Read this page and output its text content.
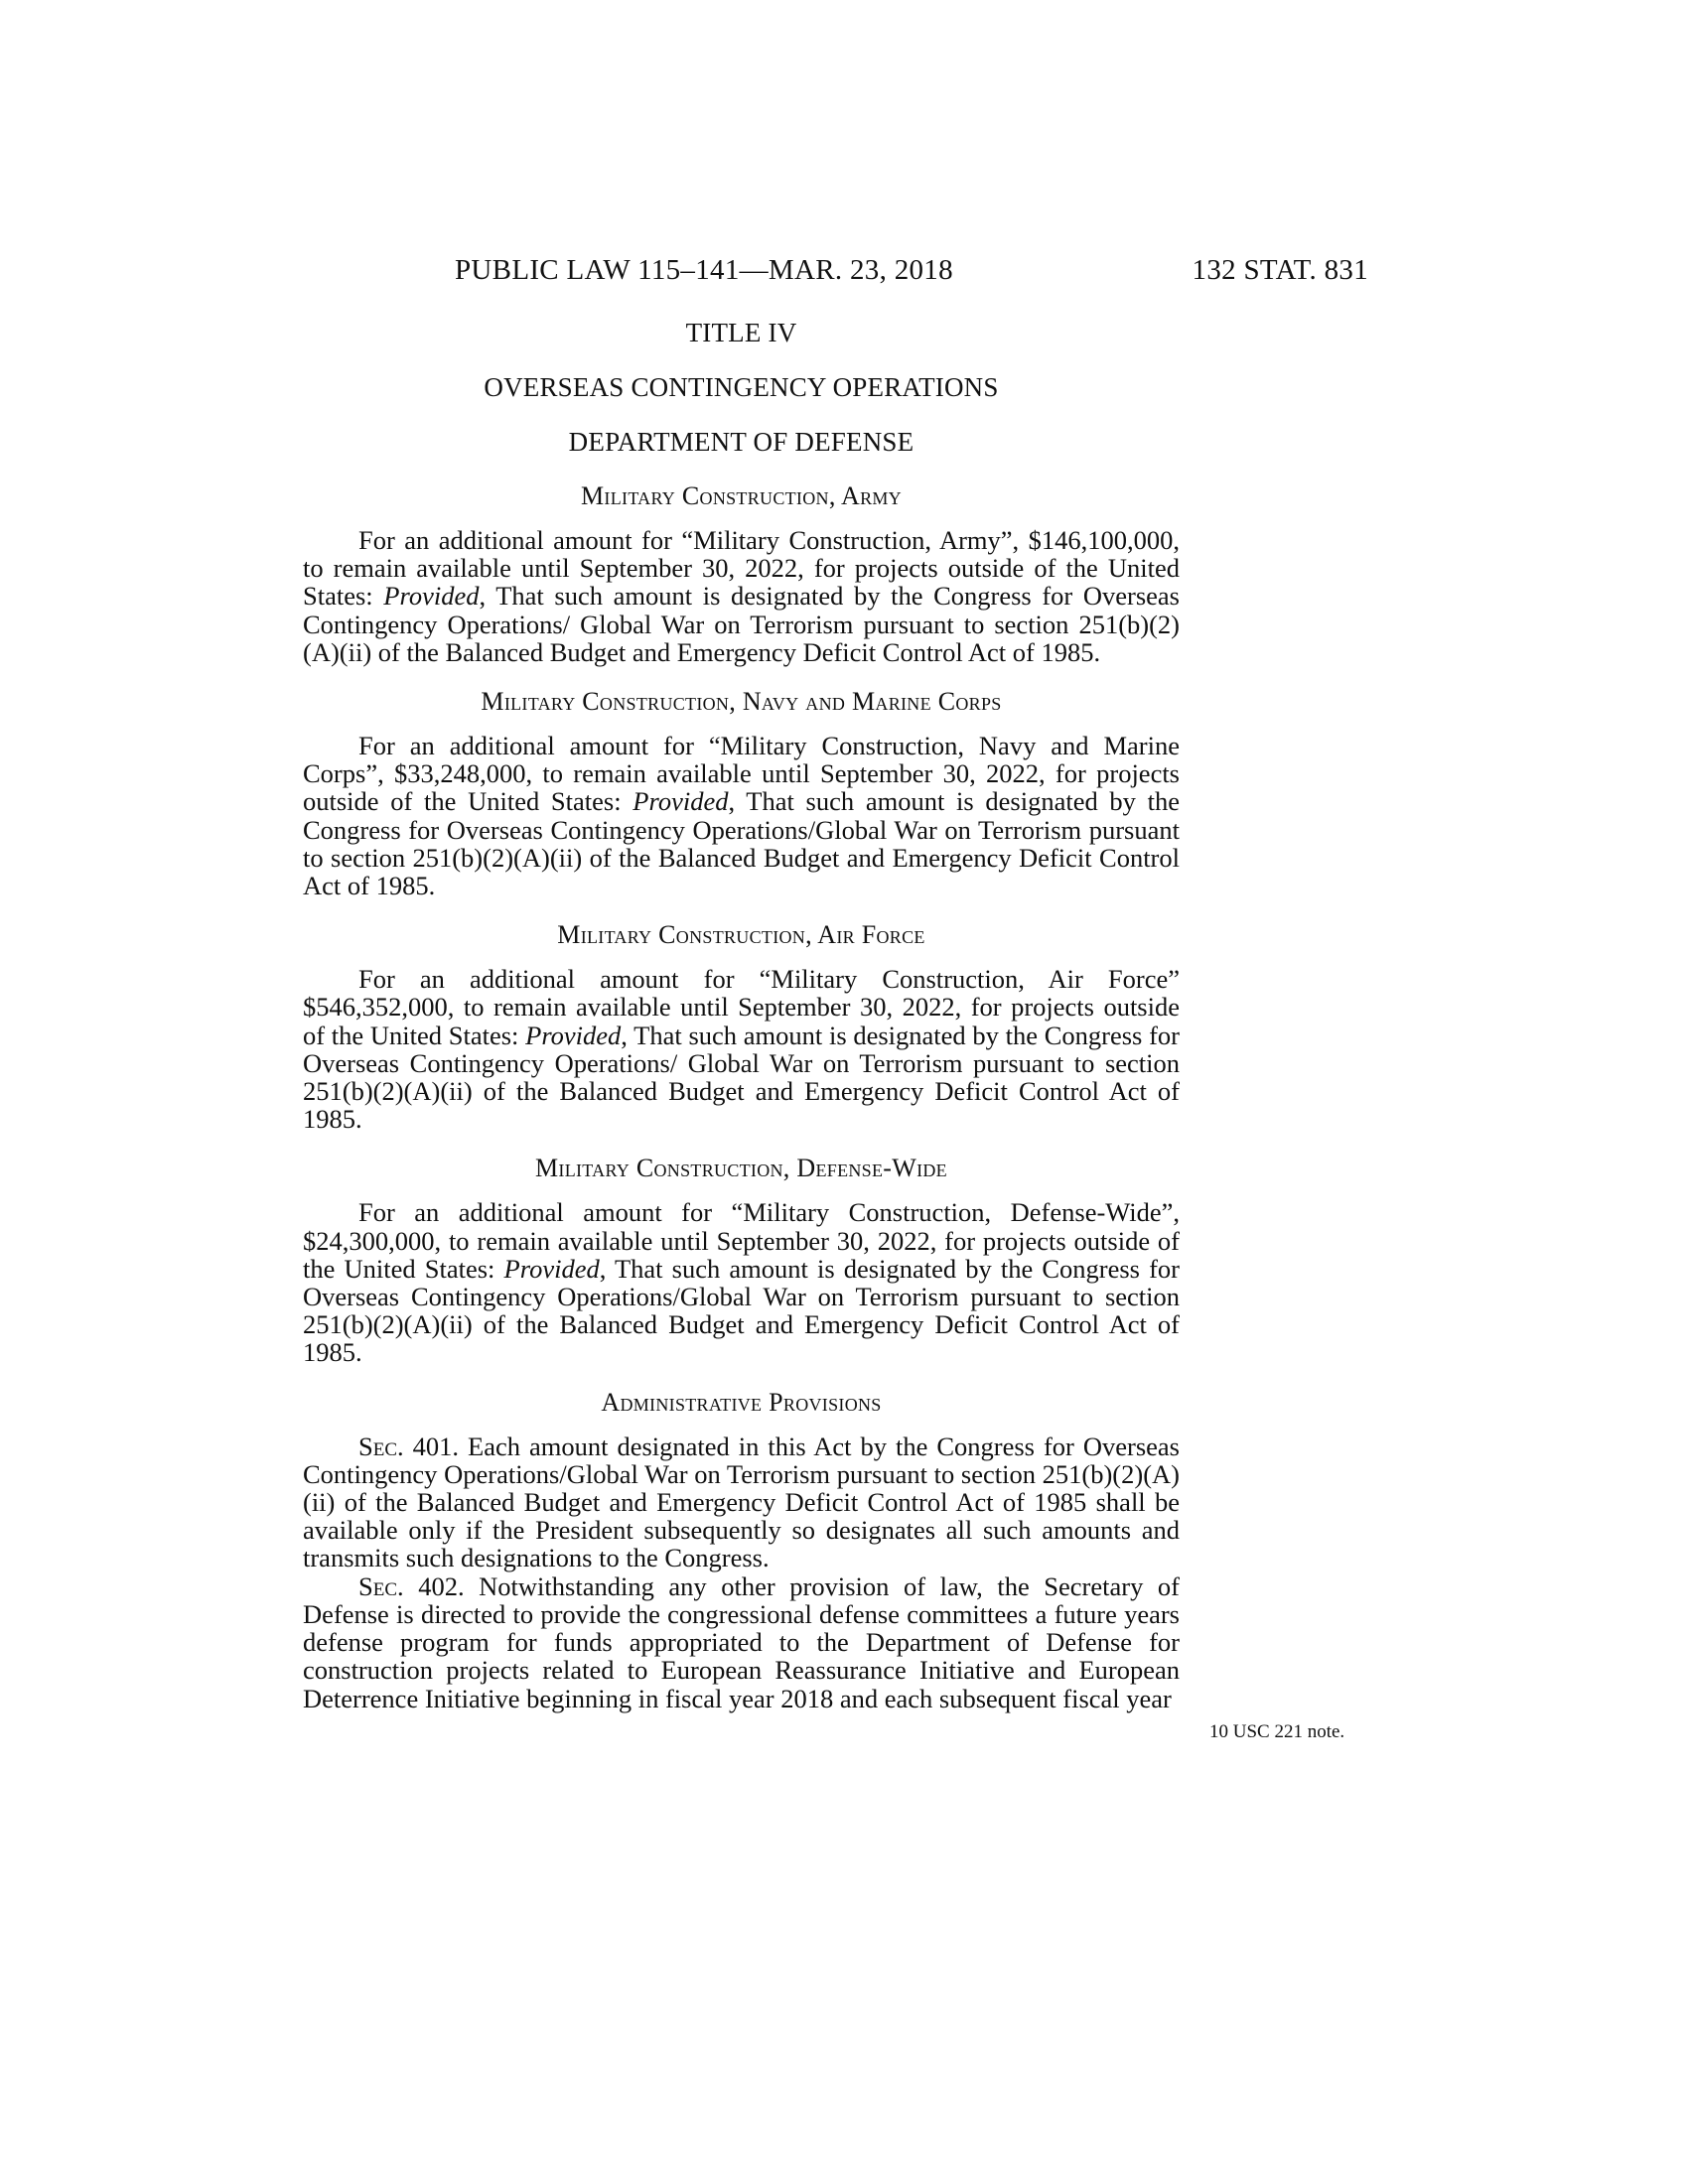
PUBLIC LAW 115–141—MAR. 23, 2018	132 STAT. 831
TITLE IV
OVERSEAS CONTINGENCY OPERATIONS
DEPARTMENT OF DEFENSE
Military Construction, Army

For an additional amount for “Military Construction, Army”, $146,100,000, to remain available until September 30, 2022, for projects outside of the United States: Provided, That such amount is designated by the Congress for Overseas Contingency Operations/ Global War on Terrorism pursuant to section 251(b)(2)(A)(ii) of the Balanced Budget and Emergency Deficit Control Act of 1985.

Military Construction, Navy and Marine Corps

For an additional amount for “Military Construction, Navy and Marine Corps”, $33,248,000, to remain available until September 30, 2022, for projects outside of the United States: Provided, That such amount is designated by the Congress for Overseas Contingency Operations/Global War on Terrorism pursuant to section 251(b)(2)(A)(ii) of the Balanced Budget and Emergency Deficit Control Act of 1985.

Military Construction, Air Force

For an additional amount for “Military Construction, Air Force” $546,352,000, to remain available until September 30, 2022, for projects outside of the United States: Provided, That such amount is designated by the Congress for Overseas Contingency Operations/ Global War on Terrorism pursuant to section 251(b)(2)(A)(ii) of the Balanced Budget and Emergency Deficit Control Act of 1985.

Military Construction, Defense-Wide

For an additional amount for “Military Construction, Defense-Wide”, $24,300,000, to remain available until September 30, 2022, for projects outside of the United States: Provided, That such amount is designated by the Congress for Overseas Contingency Operations/Global War on Terrorism pursuant to section 251(b)(2)(A)(ii) of the Balanced Budget and Emergency Deficit Control Act of 1985.

Administrative Provisions

Sec. 401. Each amount designated in this Act by the Congress for Overseas Contingency Operations/Global War on Terrorism pursuant to section 251(b)(2)(A)(ii) of the Balanced Budget and Emergency Deficit Control Act of 1985 shall be available only if the President subsequently so designates all such amounts and transmits such designations to the Congress.

Sec. 402. Notwithstanding any other provision of law, the Secretary of Defense is directed to provide the congressional defense committees a future years defense program for funds appropriated to the Department of Defense for construction projects related to European Reassurance Initiative and European Deterrence Initiative beginning in fiscal year 2018 and each subsequent fiscal year

10 USC 221 note.
